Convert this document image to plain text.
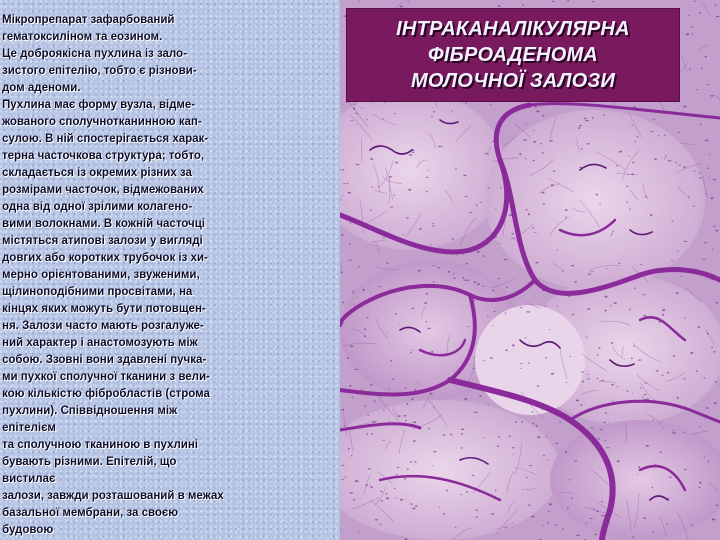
Мікропрепарат зафарбований
гематоксиліном та еозином.
Це доброякісна пухлина із зало-
зистого епітелію, тобто є різнови-
дом аденоми.
Пухлина має форму вузла, відме-
жованого сполучнотканинною кап-
сулою. В ній спостерігається харак-
терна часточкова структура; тобто,
складається із окремих різних за
розмірами часточок, відмежованих
одна від одної зрілими колагено-
вими волокнами. В кожній часточці
містяться атипові залози у вигляді
довгих або коротких трубочок із хи-
мерно орієнтованими, звуженими,
щілиноподібними просвітами, на
кінцях яких можуть бути потовщен-
ня. Залози часто мають розгалуже-
ний характер і анастомозують між
собою. Ззовні вони здавлені пучка-
ми пухкої сполучної тканини з вели-
кою кількістю фібробластів (строма
пухлини). Співвідношення між
епітелієм
та сполучною тканиною в пухлині
бувають різними. Епітелій, що
вистилає
залози, завжди розташований в межах
базальної мембрани, за своєю
будовою
ІНТРАКАНАЛІКУЛЯРНА ФІБРОАДЕНОМА
МОЛОЧНОЇ ЗАЛОЗИ
